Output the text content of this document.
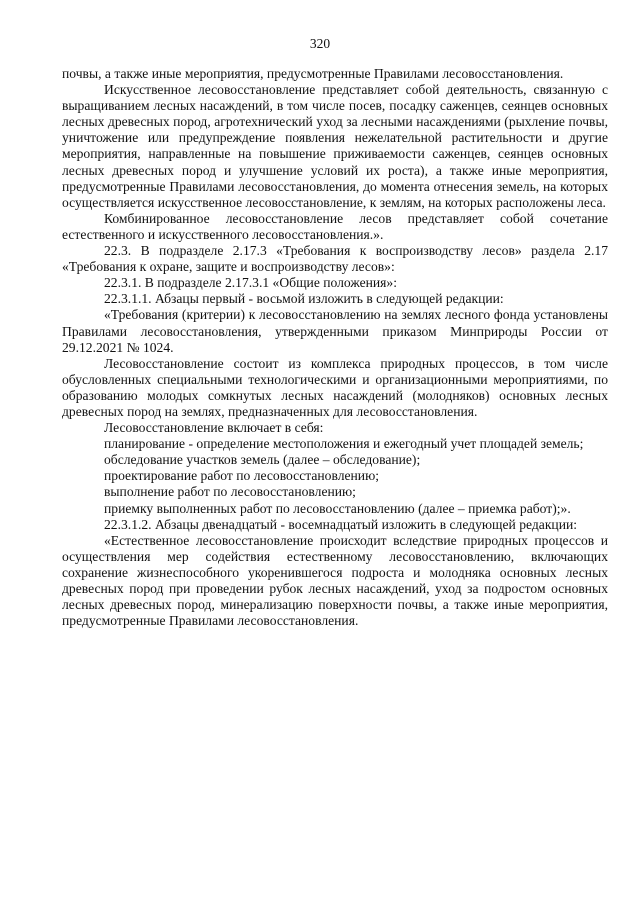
320

почвы, а также иные мероприятия, предусмотренные Правилами лесовосстановления.

Искусственное лесовосстановление представляет собой деятельность, связанную с выращиванием лесных насаждений, в том числе посев, посадку саженцев, сеянцев основных лесных древесных пород, агротехнический уход за лесными насаждениями (рыхление почвы, уничтожение или предупреждение появления нежелательной растительности и другие мероприятия, направленные на повышение приживаемости саженцев, сеянцев основных лесных древесных пород и улучшение условий их роста), а также иные мероприятия, предусмотренные Правилами лесовосстановления, до момента отнесения земель, на которых осуществляется искусственное лесовосстановление, к землям, на которых расположены леса.

Комбинированное лесовосстановление лесов представляет собой сочетание естественного и искусственного лесовосстановления.».

22.3. В подразделе 2.17.3 «Требования к воспроизводству лесов» раздела 2.17 «Требования к охране, защите и воспроизводству лесов»:

22.3.1. В подразделе 2.17.3.1 «Общие положения»:

22.3.1.1. Абзацы первый - восьмой изложить в следующей редакции:

«Требования (критерии) к лесовосстановлению на землях лесного фонда установлены Правилами лесовосстановления, утвержденными приказом Минприроды России от 29.12.2021 № 1024.

Лесовосстановление состоит из комплекса природных процессов, в том числе обусловленных специальными технологическими и организационными мероприятиями, по образованию молодых сомкнутых лесных насаждений (молодняков) основных лесных древесных пород на землях, предназначенных для лесовосстановления.

Лесовосстановление включает в себя:

планирование - определение местоположения и ежегодный учет площадей земель;

обследование участков земель (далее – обследование);

проектирование работ по лесовосстановлению;

выполнение работ по лесовосстановлению;

приемку выполненных работ по лесовосстановлению (далее – приемка работ);».

22.3.1.2. Абзацы двенадцатый - восемнадцатый изложить в следующей редакции:

«Естественное лесовосстановление происходит вследствие природных процессов и осуществления мер содействия естественному лесовосстановлению, включающих сохранение жизнеспособного укоренившегося подроста и молодняка основных лесных древесных пород при проведении рубок лесных насаждений, уход за подростом основных лесных древесных пород, минерализацию поверхности почвы, а также иные мероприятия, предусмотренные Правилами лесовосстановления.
